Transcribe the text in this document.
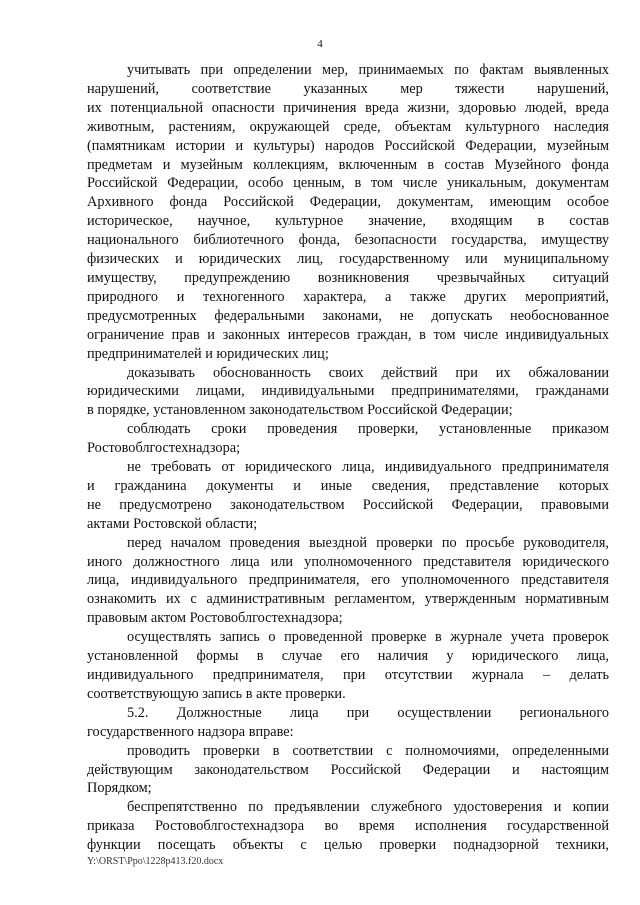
4
учитывать при определении мер, принимаемых по фактам выявленных
нарушений, соответствие указанных мер тяжести нарушений,
их потенциальной опасности причинения вреда жизни, здоровью людей, вреда
животным, растениям, окружающей среде, объектам культурного наследия
(памятникам истории и культуры) народов Российской Федерации, музейным
предметам и музейным коллекциям, включенным в состав Музейного фонда
Российской Федерации, особо ценным, в том числе уникальным, документам
Архивного фонда Российской Федерации, документам, имеющим особое
историческое, научное, культурное значение, входящим в состав
национального библиотечного фонда, безопасности государства, имуществу
физических и юридических лиц, государственному или муниципальному
имуществу, предупреждению возникновения чрезвычайных ситуаций
природного и техногенного характера, а также других мероприятий,
предусмотренных федеральными законами, не допускать необоснованное
ограничение прав и законных интересов граждан, в том числе индивидуальных
предпринимателей и юридических лиц;
доказывать обоснованность своих действий при их обжаловании
юридическими лицами, индивидуальными предпринимателями, гражданами
в порядке, установленном законодательством Российской Федерации;
соблюдать сроки проведения проверки, установленные приказом
Ростовоблгостехнадзора;
не требовать от юридического лица, индивидуального предпринимателя
и гражданина документы и иные сведения, представление которых
не предусмотрено законодательством Российской Федерации, правовыми
актами Ростовской области;
перед началом проведения выездной проверки по просьбе руководителя,
иного должностного лица или уполномоченного представителя юридического
лица, индивидуального предпринимателя, его уполномоченного представителя
ознакомить их с административным регламентом, утвержденным нормативным
правовым актом Ростовоблгостехнадзора;
осуществлять запись о проведенной проверке в журнале учета проверок
установленной формы в случае его наличия у юридического лица,
индивидуального предпринимателя, при отсутствии журнала – делать
соответствующую запись в акте проверки.
5.2. Должностные лица при осуществлении регионального
государственного надзора вправе:
проводить проверки в соответствии с полномочиями, определенными
действующим законодательством Российской Федерации и настоящим
Порядком;
беспрепятственно по предъявлении служебного удостоверения и копии
приказа Ростовоблгостехнадзора во время исполнения государственной
функции посещать объекты с целью проверки поднадзорной техники,
Y:\ORST\Ppo\1228p413.f20.docx
